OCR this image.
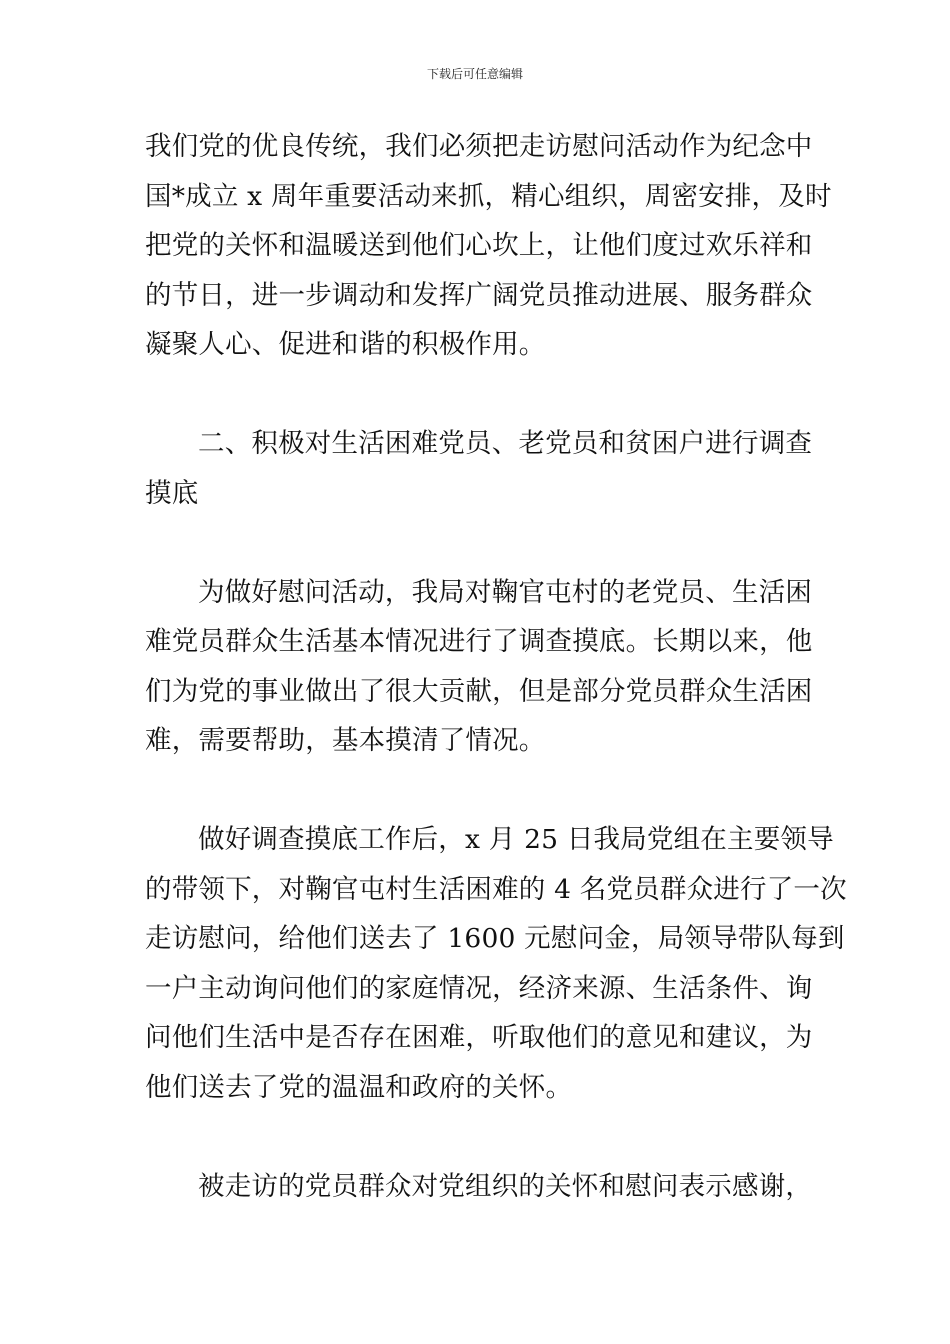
下载后可任意编辑
我们党的优良传统，我们必须把走访慰问活动作为纪念中
国*成立 x 周年重要活动来抓，精心组织，周密安排，及时
把党的关怀和温暖送到他们心坎上，让他们度过欢乐祥和
的节日，进一步调动和发挥广阔党员推动进展、服务群众
凝聚人心、促进和谐的积极作用。
二、积极对生活困难党员、老党员和贫困户进行调查
摸底
为做好慰问活动，我局对鞠官屯村的老党员、生活困
难党员群众生活基本情况进行了调查摸底。长期以来，他
们为党的事业做出了很大贡献，但是部分党员群众生活困
难，需要帮助，基本摸清了情况。
做好调查摸底工作后，x 月 25 日我局党组在主要领导
的带领下，对鞠官屯村生活困难的 4 名党员群众进行了一次
走访慰问，给他们送去了 1600 元慰问金，局领导带队每到
一户主动询问他们的家庭情况，经济来源、生活条件、询
问他们生活中是否存在困难，听取他们的意见和建议，为
他们送去了党的温温和政府的关怀。
被走访的党员群众对党组织的关怀和慰问表示感谢，
